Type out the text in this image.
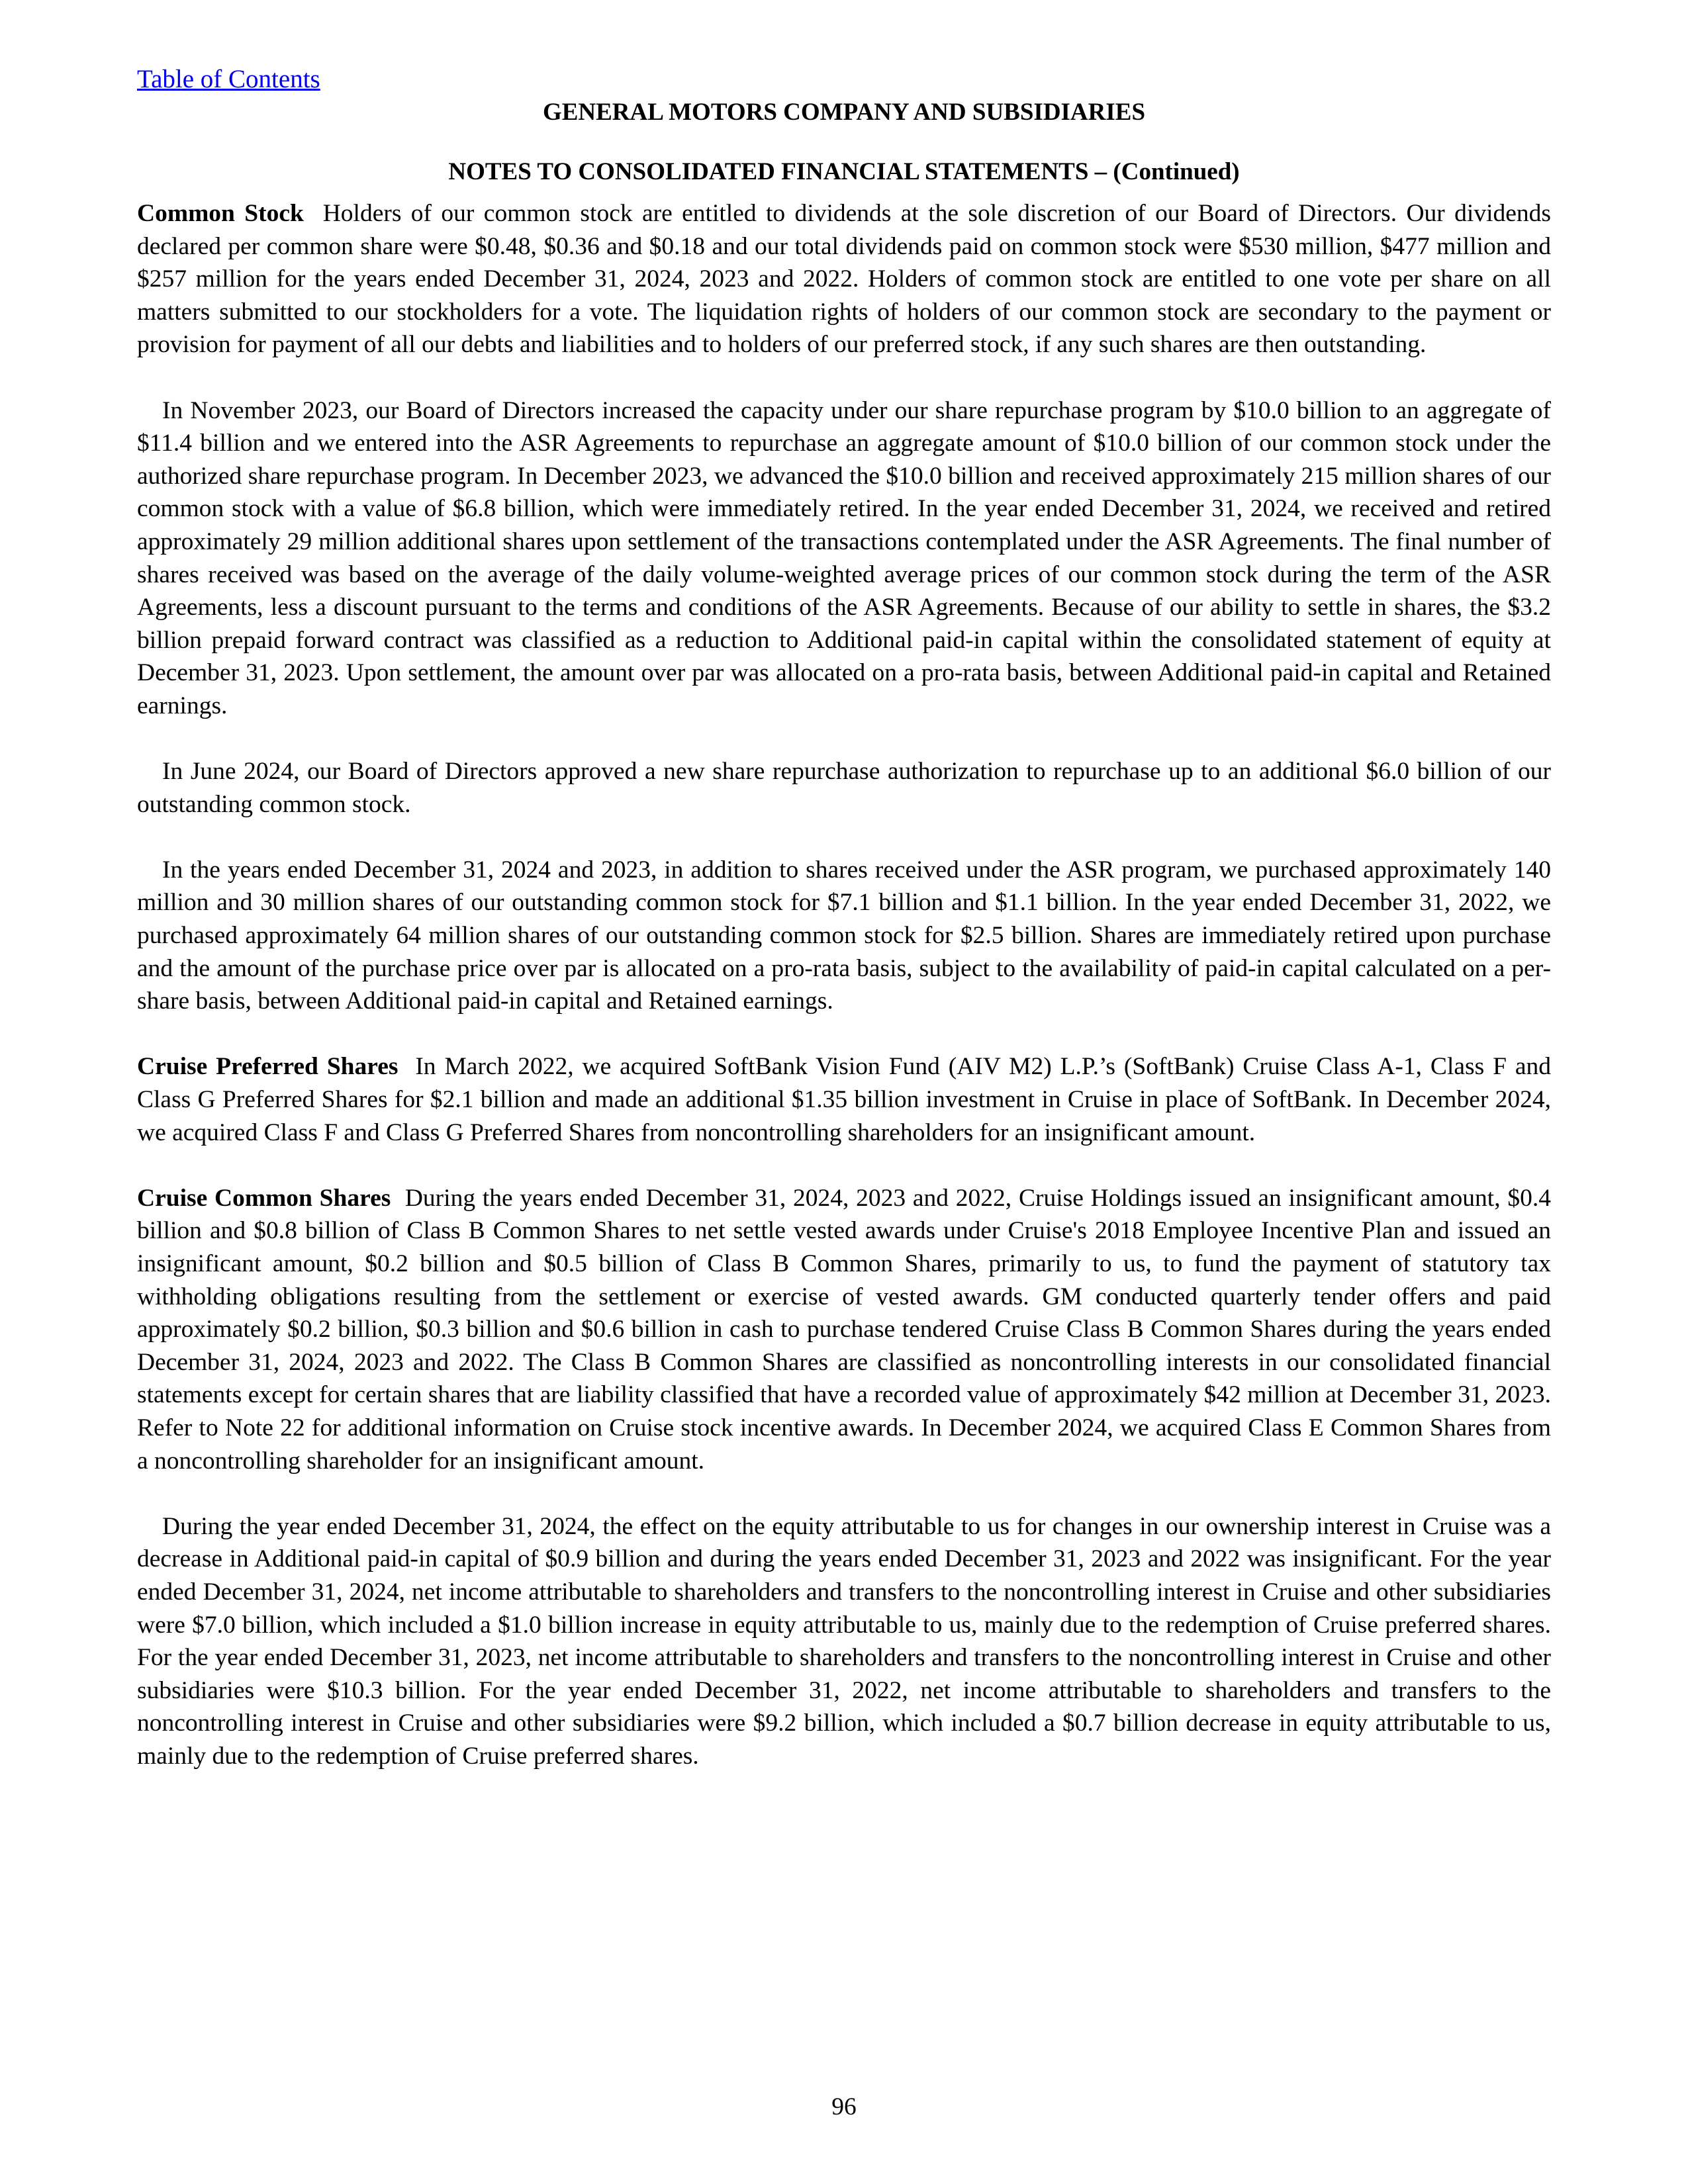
Table of Contents
GENERAL MOTORS COMPANY AND SUBSIDIARIES
NOTES TO CONSOLIDATED FINANCIAL STATEMENTS – (Continued)

Common Stock Holders of our common stock are entitled to dividends at the sole discretion of our Board of Directors. Our dividends declared per common share were $0.48, $0.36 and $0.18 and our total dividends paid on common stock were $530 million, $477 million and $257 million for the years ended December 31, 2024, 2023 and 2022. Holders of common stock are entitled to one vote per share on all matters submitted to our stockholders for a vote. The liquidation rights of holders of our common stock are secondary to the payment or provision for payment of all our debts and liabilities and to holders of our preferred stock, if any such shares are then outstanding.

In November 2023, our Board of Directors increased the capacity under our share repurchase program by $10.0 billion to an aggregate of $11.4 billion and we entered into the ASR Agreements to repurchase an aggregate amount of $10.0 billion of our common stock under the authorized share repurchase program. In December 2023, we advanced the $10.0 billion and received approximately 215 million shares of our common stock with a value of $6.8 billion, which were immediately retired. In the year ended December 31, 2024, we received and retired approximately 29 million additional shares upon settlement of the transactions contemplated under the ASR Agreements. The final number of shares received was based on the average of the daily volume-weighted average prices of our common stock during the term of the ASR Agreements, less a discount pursuant to the terms and conditions of the ASR Agreements. Because of our ability to settle in shares, the $3.2 billion prepaid forward contract was classified as a reduction to Additional paid-in capital within the consolidated statement of equity at December 31, 2023. Upon settlement, the amount over par was allocated on a pro-rata basis, between Additional paid-in capital and Retained earnings.

In June 2024, our Board of Directors approved a new share repurchase authorization to repurchase up to an additional $6.0 billion of our outstanding common stock.

In the years ended December 31, 2024 and 2023, in addition to shares received under the ASR program, we purchased approximately 140 million and 30 million shares of our outstanding common stock for $7.1 billion and $1.1 billion. In the year ended December 31, 2022, we purchased approximately 64 million shares of our outstanding common stock for $2.5 billion. Shares are immediately retired upon purchase and the amount of the purchase price over par is allocated on a pro-rata basis, subject to the availability of paid-in capital calculated on a per-share basis, between Additional paid-in capital and Retained earnings.

Cruise Preferred Shares In March 2022, we acquired SoftBank Vision Fund (AIV M2) L.P.’s (SoftBank) Cruise Class A-1, Class F and Class G Preferred Shares for $2.1 billion and made an additional $1.35 billion investment in Cruise in place of SoftBank. In December 2024, we acquired Class F and Class G Preferred Shares from noncontrolling shareholders for an insignificant amount.

Cruise Common Shares During the years ended December 31, 2024, 2023 and 2022, Cruise Holdings issued an insignificant amount, $0.4 billion and $0.8 billion of Class B Common Shares to net settle vested awards under Cruise's 2018 Employee Incentive Plan and issued an insignificant amount, $0.2 billion and $0.5 billion of Class B Common Shares, primarily to us, to fund the payment of statutory tax withholding obligations resulting from the settlement or exercise of vested awards. GM conducted quarterly tender offers and paid approximately $0.2 billion, $0.3 billion and $0.6 billion in cash to purchase tendered Cruise Class B Common Shares during the years ended December 31, 2024, 2023 and 2022. The Class B Common Shares are classified as noncontrolling interests in our consolidated financial statements except for certain shares that are liability classified that have a recorded value of approximately $42 million at December 31, 2023. Refer to Note 22 for additional information on Cruise stock incentive awards. In December 2024, we acquired Class E Common Shares from a noncontrolling shareholder for an insignificant amount.

During the year ended December 31, 2024, the effect on the equity attributable to us for changes in our ownership interest in Cruise was a decrease in Additional paid-in capital of $0.9 billion and during the years ended December 31, 2023 and 2022 was insignificant. For the year ended December 31, 2024, net income attributable to shareholders and transfers to the noncontrolling interest in Cruise and other subsidiaries were $7.0 billion, which included a $1.0 billion increase in equity attributable to us, mainly due to the redemption of Cruise preferred shares. For the year ended December 31, 2023, net income attributable to shareholders and transfers to the noncontrolling interest in Cruise and other subsidiaries were $10.3 billion. For the year ended December 31, 2022, net income attributable to shareholders and transfers to the noncontrolling interest in Cruise and other subsidiaries were $9.2 billion, which included a $0.7 billion decrease in equity attributable to us, mainly due to the redemption of Cruise preferred shares.

96
